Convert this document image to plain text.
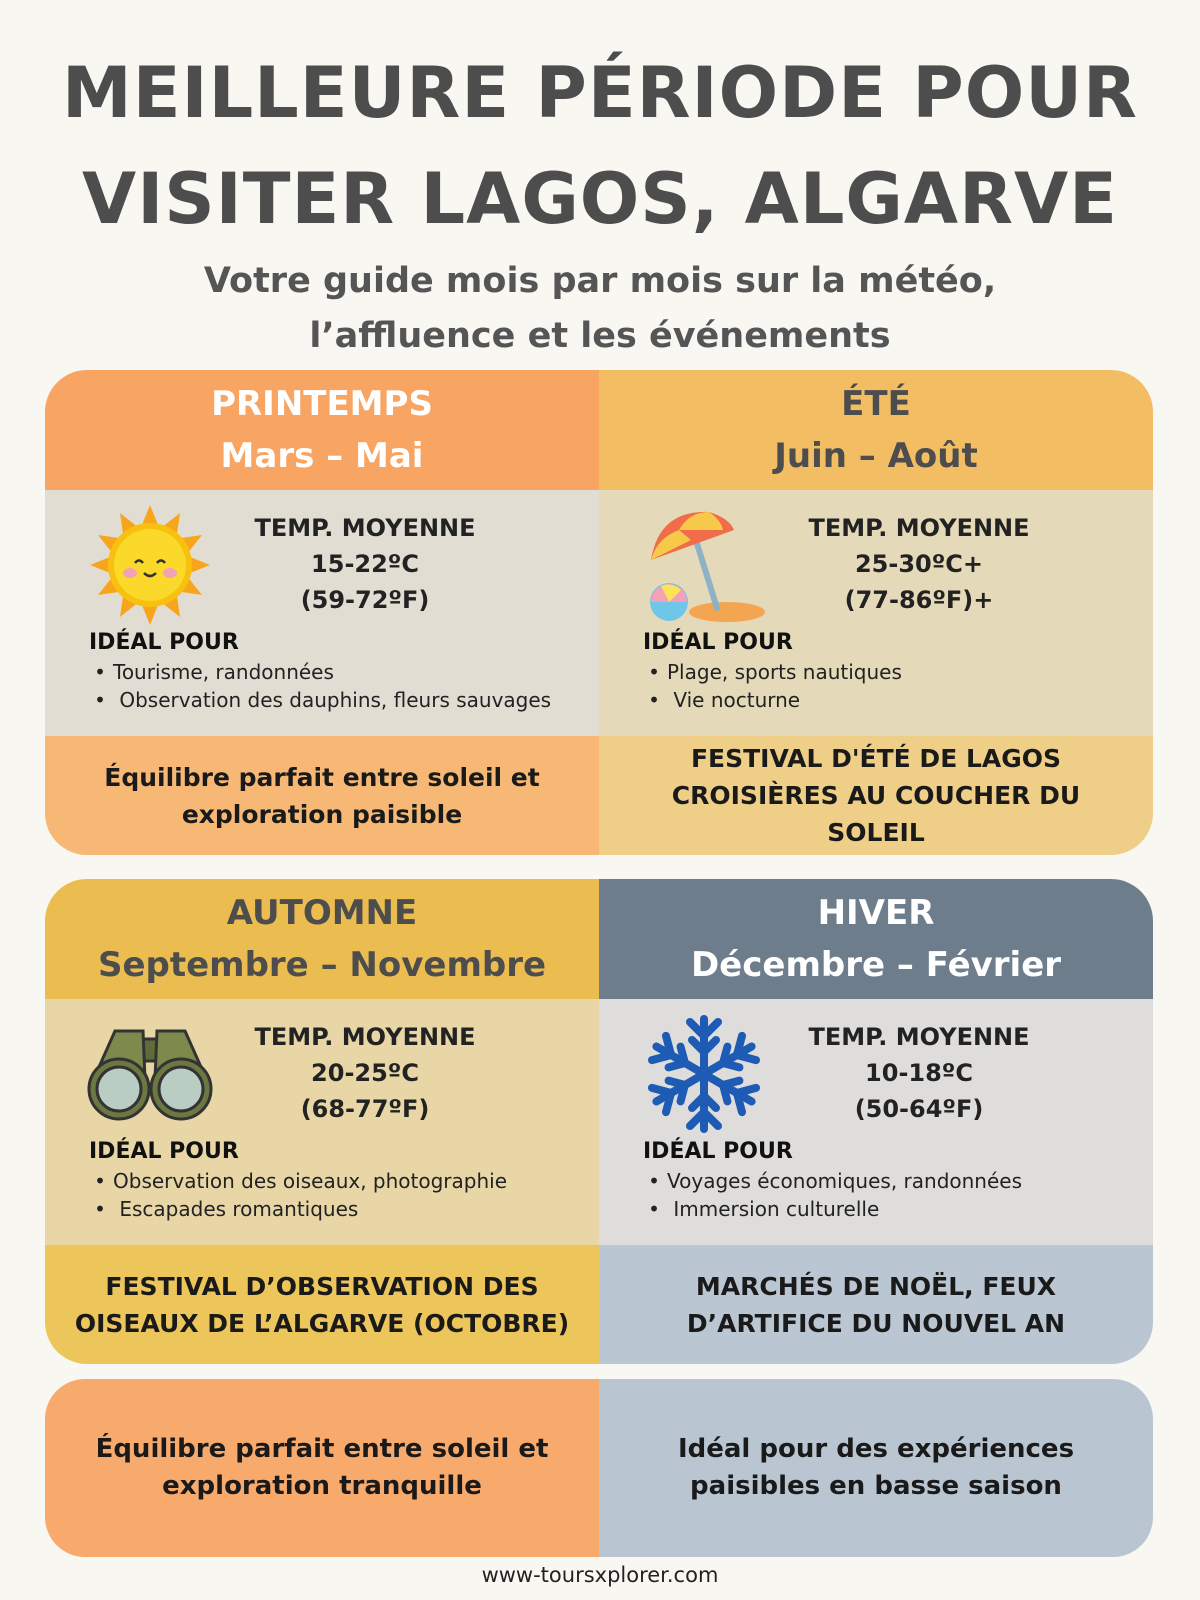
MEILLEURE PÉRIODE POUR
VISITER LAGOS, ALGARVE
Votre guide mois par mois sur la météo,
l’affluence et les événements
PRINTEMPS
Mars – Mai
TEMP. MOYENNE
15-22ºC
(59-72ºF)
IDÉAL POUR
• Tourisme, randonnées
• Observation des dauphins, fleurs sauvages
Équilibre parfait entre soleil et exploration paisible
ÉTÉ
Juin – Août
TEMP. MOYENNE
25-30ºC+
(77-86ºF)+
IDÉAL POUR
• Plage, sports nautiques
• Vie nocturne
FESTIVAL D'ÉTÉ DE LAGOS CROISIÈRES AU COUCHER DU SOLEIL
AUTOMNE
Septembre – Novembre
TEMP. MOYENNE
20-25ºC
(68-77ºF)
IDÉAL POUR
• Observation des oiseaux, photographie
• Escapades romantiques
FESTIVAL D’OBSERVATION DES OISEAUX DE L’ALGARVE (OCTOBRE)
HIVER
Décembre – Février
TEMP. MOYENNE
10-18ºC
(50-64ºF)
IDÉAL POUR
• Voyages économiques, randonnées
• Immersion culturelle
MARCHÉS DE NOËL, FEUX D’ARTIFICE DU NOUVEL AN
Équilibre parfait entre soleil et exploration tranquille
Idéal pour des expériences paisibles en basse saison
www-toursxplorer.com
